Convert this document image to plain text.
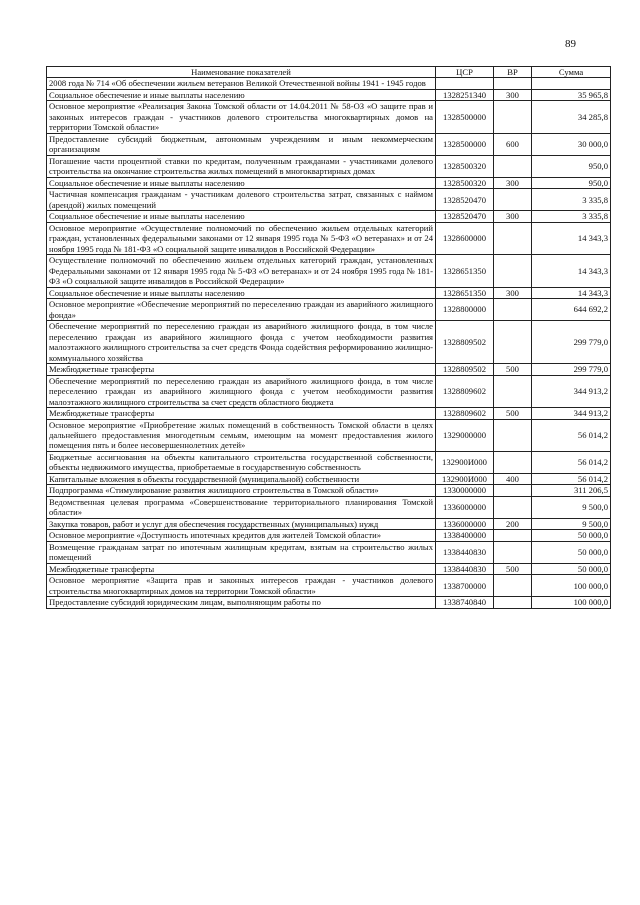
89
Наименование показателей	ЦСР	ВР	Сумма
2008 года № 714 «Об обеспечении жильем ветеранов Великой Отечественной войны 1941 - 1945 годов			
Социальное обеспечение и иные выплаты населению	1328251340	300	35 965,8
Основное мероприятие «Реализация Закона Томской области от 14.04.2011 № 58-ОЗ «О защите прав и законных интересов граждан - участников долевого строительства многоквартирных домов на территории Томской области»	1328500000		34 285,8
Предоставление субсидий бюджетным, автономным учреждениям и иным некоммерческим организациям	1328500000	600	30 000,0
Погашение части процентной ставки по кредитам, полученным гражданами - участниками долевого строительства на окончание строительства жилых помещений в многоквартирных домах	1328500320		950,0
Социальное обеспечение и иные выплаты населению	1328500320	300	950,0
Частичная компенсация гражданам - участникам долевого строительства затрат, связанных с наймом (арендой) жилых помещений	1328520470		3 335,8
Социальное обеспечение и иные выплаты населению	1328520470	300	3 335,8
Основное мероприятие «Осуществление полномочий по обеспечению жильем отдельных категорий граждан, установленных федеральными законами от 12 января 1995 года № 5-ФЗ «О ветеранах» и от 24 ноября 1995 года № 181-ФЗ «О социальной защите инвалидов в Российской Федерации»	1328600000		14 343,3
Осуществление полномочий по обеспечению жильем отдельных категорий граждан, установленных Федеральными законами от 12 января 1995 года № 5-ФЗ «О ветеранах» и от 24 ноября 1995 года № 181-ФЗ «О социальной защите инвалидов в Российской Федерации»	1328651350		14 343,3
Социальное обеспечение и иные выплаты населению	1328651350	300	14 343,3
Основное мероприятие «Обеспечение мероприятий по переселению граждан из аварийного жилищного фонда»	1328800000		644 692,2
Обеспечение мероприятий по переселению граждан из аварийного жилищного фонда, в том числе переселению граждан из аварийного жилищного фонда с учетом необходимости развития малоэтажного жилищного строительства за счет средств Фонда содействия реформированию жилищно-коммунального хозяйства	1328809502		299 779,0
Межбюджетные трансферты	1328809502	500	299 779,0
Обеспечение мероприятий по переселению граждан из аварийного жилищного фонда, в том числе переселению граждан из аварийного жилищного фонда с учетом необходимости развития малоэтажного жилищного строительства за счет средств областного бюджета	1328809602		344 913,2
Межбюджетные трансферты	1328809602	500	344 913,2
Основное мероприятие «Приобретение жилых помещений в собственность Томской области в целях дальнейшего предоставления многодетным семьям, имеющим на момент предоставления жилого помещения пять и более несовершеннолетних детей»	1329000000		56 014,2
Бюджетные ассигнования на объекты капитального строительства государственной собственности, объекты недвижимого имущества, приобретаемые в государственную собственность	132900И000		56 014,2
Капитальные вложения в объекты государственной (муниципальной) собственности	132900И000	400	56 014,2
Подпрограмма «Стимулирование развития жилищного строительства в Томской области»	1330000000		311 206,5
Ведомственная целевая программа «Совершенствование территориального планирования Томской области»	1336000000		9 500,0
Закупка товаров, работ и услуг для обеспечения государственных (муниципальных) нужд	1336000000	200	9 500,0
Основное мероприятие «Доступность ипотечных кредитов для жителей Томской области»	1338400000		50 000,0
Возмещение гражданам затрат по ипотечным жилищным кредитам, взятым на строительство жилых помещений	1338440830		50 000,0
Межбюджетные трансферты	1338440830	500	50 000,0
Основное мероприятие «Защита прав и законных интересов граждан - участников долевого строительства многоквартирных домов на территории Томской области»	1338700000		100 000,0
Предоставление субсидий юридическим лицам, выполняющим работы по	1338740840		100 000,0
